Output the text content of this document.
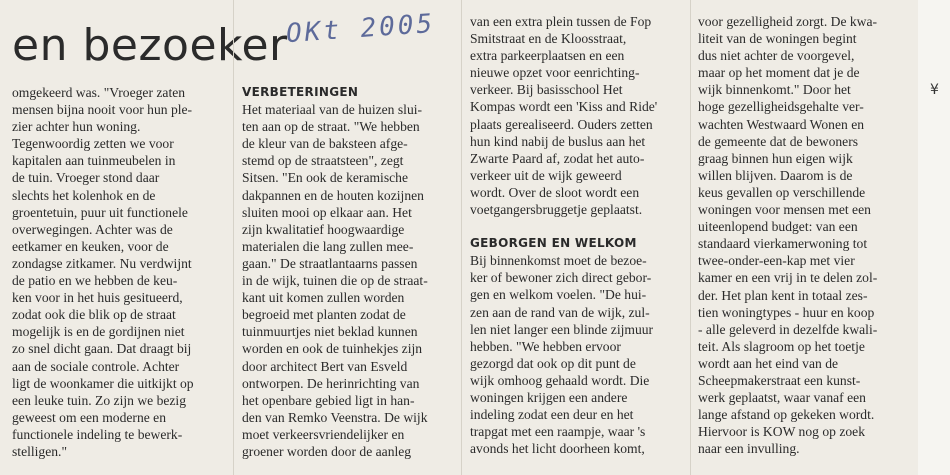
¥
en bezoeker
OKt 2005
omgekeerd was. "Vroeger zaten
mensen bijna nooit voor hun ple-
zier achter hun woning.
Tegenwoordig zetten we voor
kapitalen aan tuinmeubelen in
de tuin. Vroeger stond daar
slechts het kolenhok en de
groentetuin, puur uit functionele
overwegingen. Achter was de
eetkamer en keuken, voor de
zondagse zitkamer. Nu verdwijnt
de patio en we hebben de keu-
ken voor in het huis gesitueerd,
zodat ook die blik op de straat
mogelijk is en de gordijnen niet
zo snel dicht gaan. Dat draagt bij
aan de sociale controle. Achter
ligt de woonkamer die uitkijkt op
een leuke tuin. Zo zijn we bezig
geweest om een moderne en
functionele indeling te bewerk-
stelligen."
VERBETERINGEN
Het materiaal van de huizen slui-
ten aan op de straat. "We hebben
de kleur van de baksteen afge-
stemd op de straatsteen", zegt
Sitsen. "En ook de keramische
dakpannen en de houten kozijnen
sluiten mooi op elkaar aan. Het
zijn kwalitatief hoogwaardige
materialen die lang zullen mee-
gaan." De straatlantaarns passen
in de wijk, tuinen die op de straat-
kant uit komen zullen worden
begroeid met planten zodat de
tuinmuurtjes niet beklad kunnen
worden en ook de tuinhekjes zijn
door architect Bert van Esveld
ontworpen. De herinrichting van
het openbare gebied ligt in han-
den van Remko Veenstra. De wijk
moet verkeersvriendelijker en
groener worden door de aanleg
van een extra plein tussen de Fop
Smitstraat en de Kloosstraat,
extra parkeerplaatsen en een
nieuwe opzet voor eenrichting-
verkeer. Bij basisschool Het
Kompas wordt een 'Kiss and Ride'
plaats gerealiseerd. Ouders zetten
hun kind nabij de buslus aan het
Zwarte Paard af, zodat het auto-
verkeer uit de wijk geweerd
wordt. Over de sloot wordt een
voetgangersbruggetje geplaatst.
GEBORGEN EN WELKOM
Bij binnenkomst moet de bezoe-
ker of bewoner zich direct gebor-
gen en welkom voelen. "De hui-
zen aan de rand van de wijk, zul-
len niet langer een blinde zijmuur
hebben. "We hebben ervoor
gezorgd dat ook op dit punt de
wijk omhoog gehaald wordt. Die
woningen krijgen een andere
indeling zodat een deur en het
trapgat met een raampje, waar 's
avonds het licht doorheen komt,
voor gezelligheid zorgt. De kwa-
liteit van de woningen begint
dus niet achter de voorgevel,
maar op het moment dat je de
wijk binnenkomt." Door het
hoge gezelligheidsgehalte ver-
wachten Westwaard Wonen en
de gemeente dat de bewoners
graag binnen hun eigen wijk
willen blijven. Daarom is de
keus gevallen op verschillende
woningen voor mensen met een
uiteenlopend budget: van een
standaard vierkamerwoning tot
twee-onder-een-kap met vier
kamer en een vrij in te delen zol-
der. Het plan kent in totaal zes-
tien woningtypes - huur en koop
- alle geleverd in dezelfde kwali-
teit. Als slagroom op het toetje
wordt aan het eind van de
Scheepmakerstraat een kunst-
werk geplaatst, waar vanaf een
lange afstand op gekeken wordt.
Hiervoor is KOW nog op zoek
naar een invulling.
